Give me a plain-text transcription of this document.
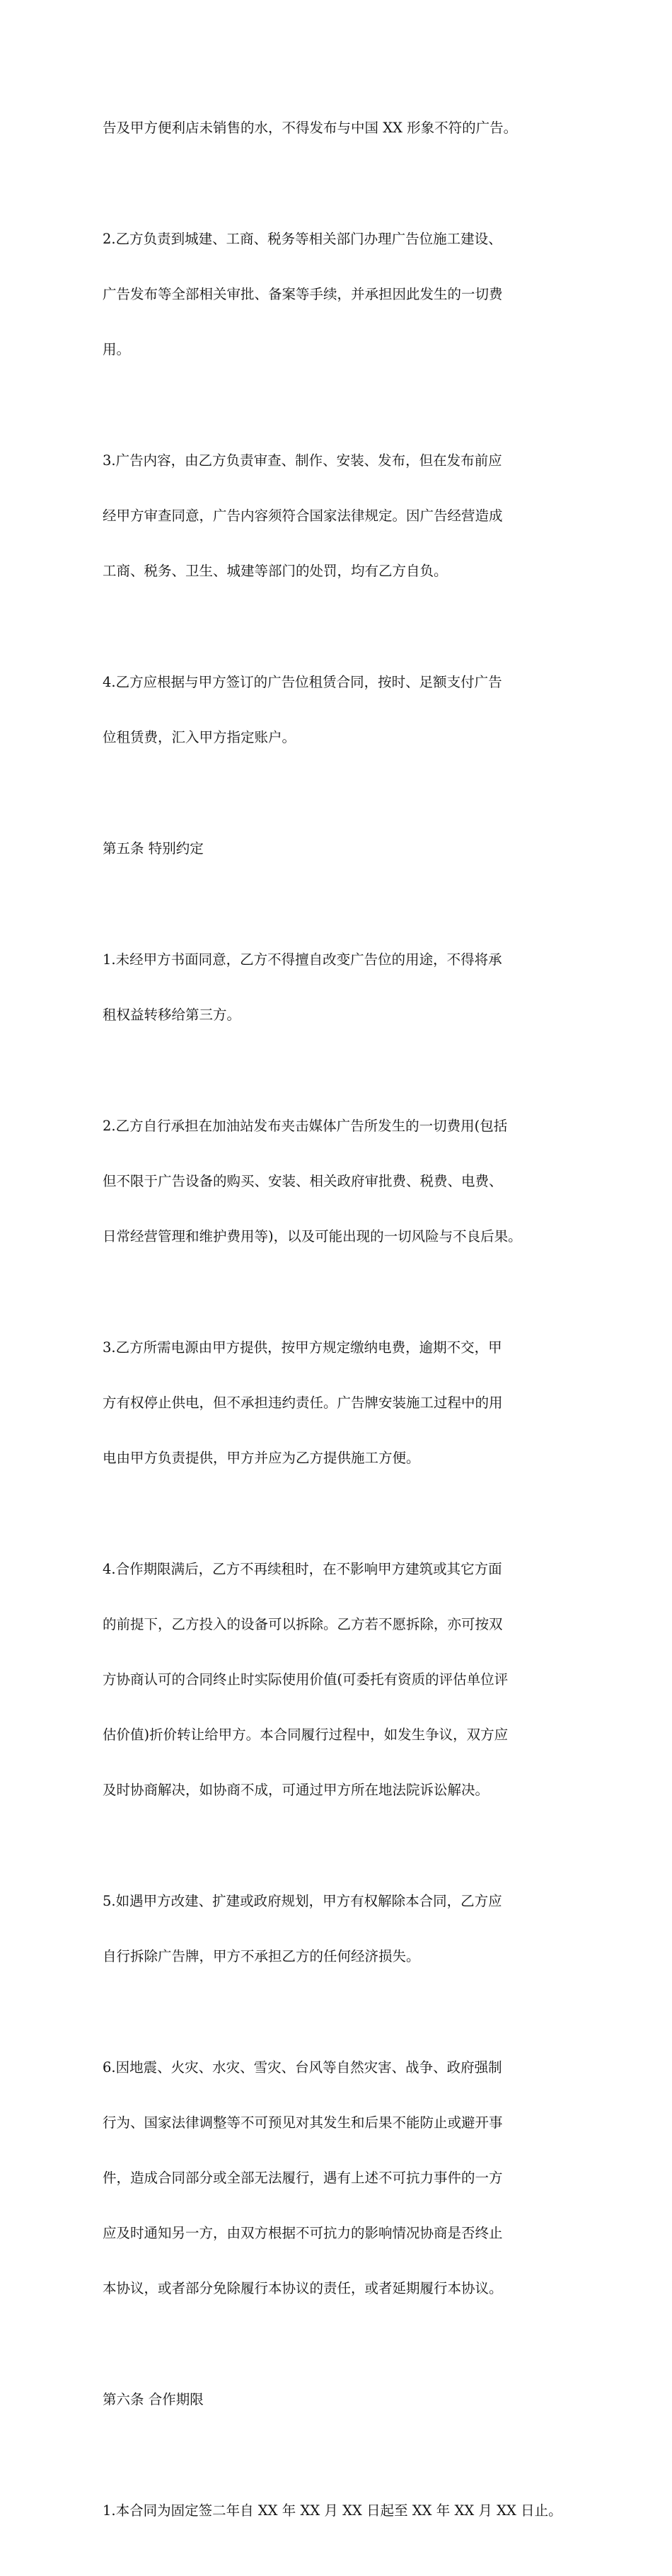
告及甲方便利店未销售的水，不得发布与中国 XX 形象不符的广告。

2.乙方负责到城建、工商、税务等相关部门办理广告位施工建设、

广告发布等全部相关审批、备案等手续，并承担因此发生的一切费

用。

3.广告内容，由乙方负责审查、制作、安装、发布，但在发布前应

经甲方审查同意，广告内容须符合国家法律规定。因广告经营造成

工商、税务、卫生、城建等部门的处罚，均有乙方自负。

4.乙方应根据与甲方签订的广告位租赁合同，按时、足额支付广告

位租赁费，汇入甲方指定账户。

第五条 特别约定

1.未经甲方书面同意，乙方不得擅自改变广告位的用途，不得将承

租权益转移给第三方。

2.乙方自行承担在加油站发布夹击媒体广告所发生的一切费用(包括

但不限于广告设备的购买、安装、相关政府审批费、税费、电费、

日常经营管理和维护费用等)，以及可能出现的一切风险与不良后果。

3.乙方所需电源由甲方提供，按甲方规定缴纳电费，逾期不交，甲

方有权停止供电，但不承担违约责任。广告牌安装施工过程中的用

电由甲方负责提供，甲方并应为乙方提供施工方便。

4.合作期限满后，乙方不再续租时，在不影响甲方建筑或其它方面

的前提下，乙方投入的设备可以拆除。乙方若不愿拆除，亦可按双

方协商认可的合同终止时实际使用价值(可委托有资质的评估单位评

估价值)折价转让给甲方。本合同履行过程中，如发生争议，双方应

及时协商解决，如协商不成，可通过甲方所在地法院诉讼解决。

5.如遇甲方改建、扩建或政府规划，甲方有权解除本合同，乙方应

自行拆除广告牌，甲方不承担乙方的任何经济损失。

6.因地震、火灾、水灾、雪灾、台风等自然灾害、战争、政府强制

行为、国家法律调整等不可预见对其发生和后果不能防止或避开事

件，造成合同部分或全部无法履行，遇有上述不可抗力事件的一方

应及时通知另一方，由双方根据不可抗力的影响情况协商是否终止

本协议，或者部分免除履行本协议的责任，或者延期履行本协议。

第六条 合作期限

1.本合同为固定签二年自 XX 年 XX 月 XX 日起至 XX 年 XX 月 XX 日止。
